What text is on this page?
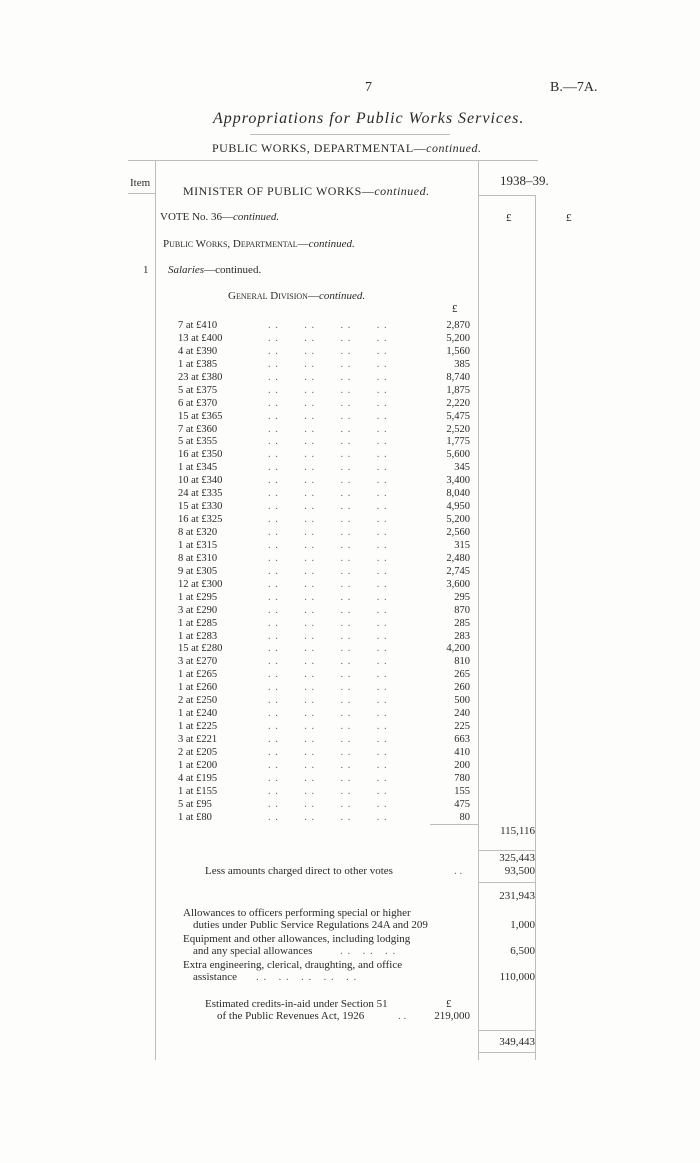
7	B.—7A.
Appropriations for Public Works Services.
PUBLIC WORKS, DEPARTMENTAL—continued.
Item	1938–39.
£	£
MINISTER OF PUBLIC WORKS—continued.
VOTE No. 36—continued.
Public Works, Departmental—continued.
1 Salaries—continued.
General Division—continued.
£
7 at £410	. .       . .       . .       . .	2,870
13 at £400	. .       . .       . .       . .	5,200
4 at £390	. .       . .       . .       . .	1,560
1 at £385	. .       . .       . .       . .	385
23 at £380	. .       . .       . .       . .	8,740
5 at £375	. .       . .       . .       . .	1,875
6 at £370	. .       . .       . .       . .	2,220
15 at £365	. .       . .       . .       . .	5,475
7 at £360	. .       . .       . .       . .	2,520
5 at £355	. .       . .       . .       . .	1,775
16 at £350	. .       . .       . .       . .	5,600
1 at £345	. .       . .       . .       . .	345
10 at £340	. .       . .       . .       . .	3,400
24 at £335	. .       . .       . .       . .	8,040
15 at £330	. .       . .       . .       . .	4,950
16 at £325	. .       . .       . .       . .	5,200
8 at £320	. .       . .       . .       . .	2,560
1 at £315	. .       . .       . .       . .	315
8 at £310	. .       . .       . .       . .	2,480
9 at £305	. .       . .       . .       . .	2,745
12 at £300	. .       . .       . .       . .	3,600
1 at £295	. .       . .       . .       . .	295
3 at £290	. .       . .       . .       . .	870
1 at £285	. .       . .       . .       . .	285
1 at £283	. .       . .       . .       . .	283
15 at £280	. .       . .       . .       . .	4,200
3 at £270	. .       . .       . .       . .	810
1 at £265	. .       . .       . .       . .	265
1 at £260	. .       . .       . .       . .	260
2 at £250	. .       . .       . .       . .	500
1 at £240	. .       . .       . .       . .	240
1 at £225	. .       . .       . .       . .	225
3 at £221	. .       . .       . .       . .	663
2 at £205	. .       . .       . .       . .	410
1 at £200	. .       . .       . .       . .	200
4 at £195	. .       . .       . .       . .	780
1 at £155	. .       . .       . .       . .	155
5 at £95	. .       . .       . .       . .	475
1 at £80	. .       . .       . .       . .	80
115,116
325,443
Less amounts charged direct to other votes	. .	93,500
231,943
Allowances to officers performing special or higher
duties under Public Service Regulations 24A and 209	1,000
Equipment and other allowances, including lodging
and any special allowances	. .   . .   . .	6,500
Extra engineering, clerical, draughting, and office
assistance . .   . .   . .   . .   . .	110,000
Estimated credits-in-aid under Section 51	£
of the Public Revenues Act, 1926	. .	219,000
349,443
